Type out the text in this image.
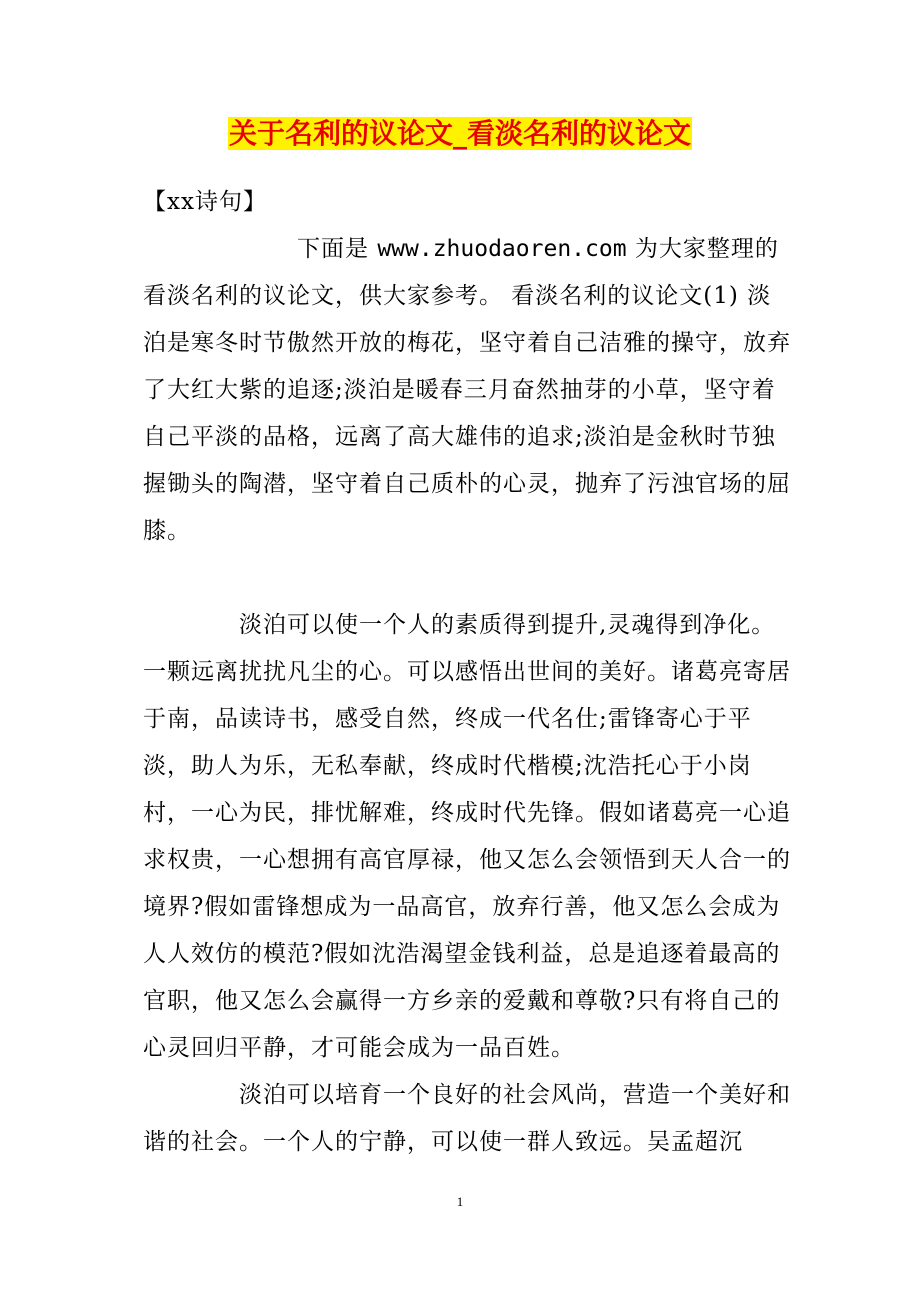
关于名利的议论文_看淡名利的议论文

【xx诗句】

下面是 www.zhuodaoren.com 为大家整理的看淡名利的议论文，供大家参考。 看淡名利的议论文(1) 淡泊是寒冬时节傲然开放的梅花，坚守着自己洁雅的操守，放弃了大红大紫的追逐;淡泊是暖春三月奋然抽芽的小草，坚守着自己平淡的品格，远离了高大雄伟的追求;淡泊是金秋时节独握锄头的陶潜，坚守着自己质朴的心灵，抛弃了污浊官场的屈膝。

淡泊可以使一个人的素质得到提升,灵魂得到净化。一颗远离扰扰凡尘的心。可以感悟出世间的美好。诸葛亮寄居于南，品读诗书，感受自然，终成一代名仕;雷锋寄心于平淡，助人为乐，无私奉献，终成时代楷模;沈浩托心于小岗村，一心为民，排忧解难，终成时代先锋。假如诸葛亮一心追求权贵，一心想拥有高官厚禄，他又怎么会领悟到天人合一的境界?假如雷锋想成为一品高官，放弃行善，他又怎么会成为人人效仿的模范?假如沈浩渴望金钱利益，总是追逐着最高的官职，他又怎么会赢得一方乡亲的爱戴和尊敬?只有将自己的心灵回归平静，才可能会成为一品百姓。

淡泊可以培育一个良好的社会风尚，营造一个美好和谐的社会。一个人的宁静，可以使一群人致远。吴孟超沉

1
